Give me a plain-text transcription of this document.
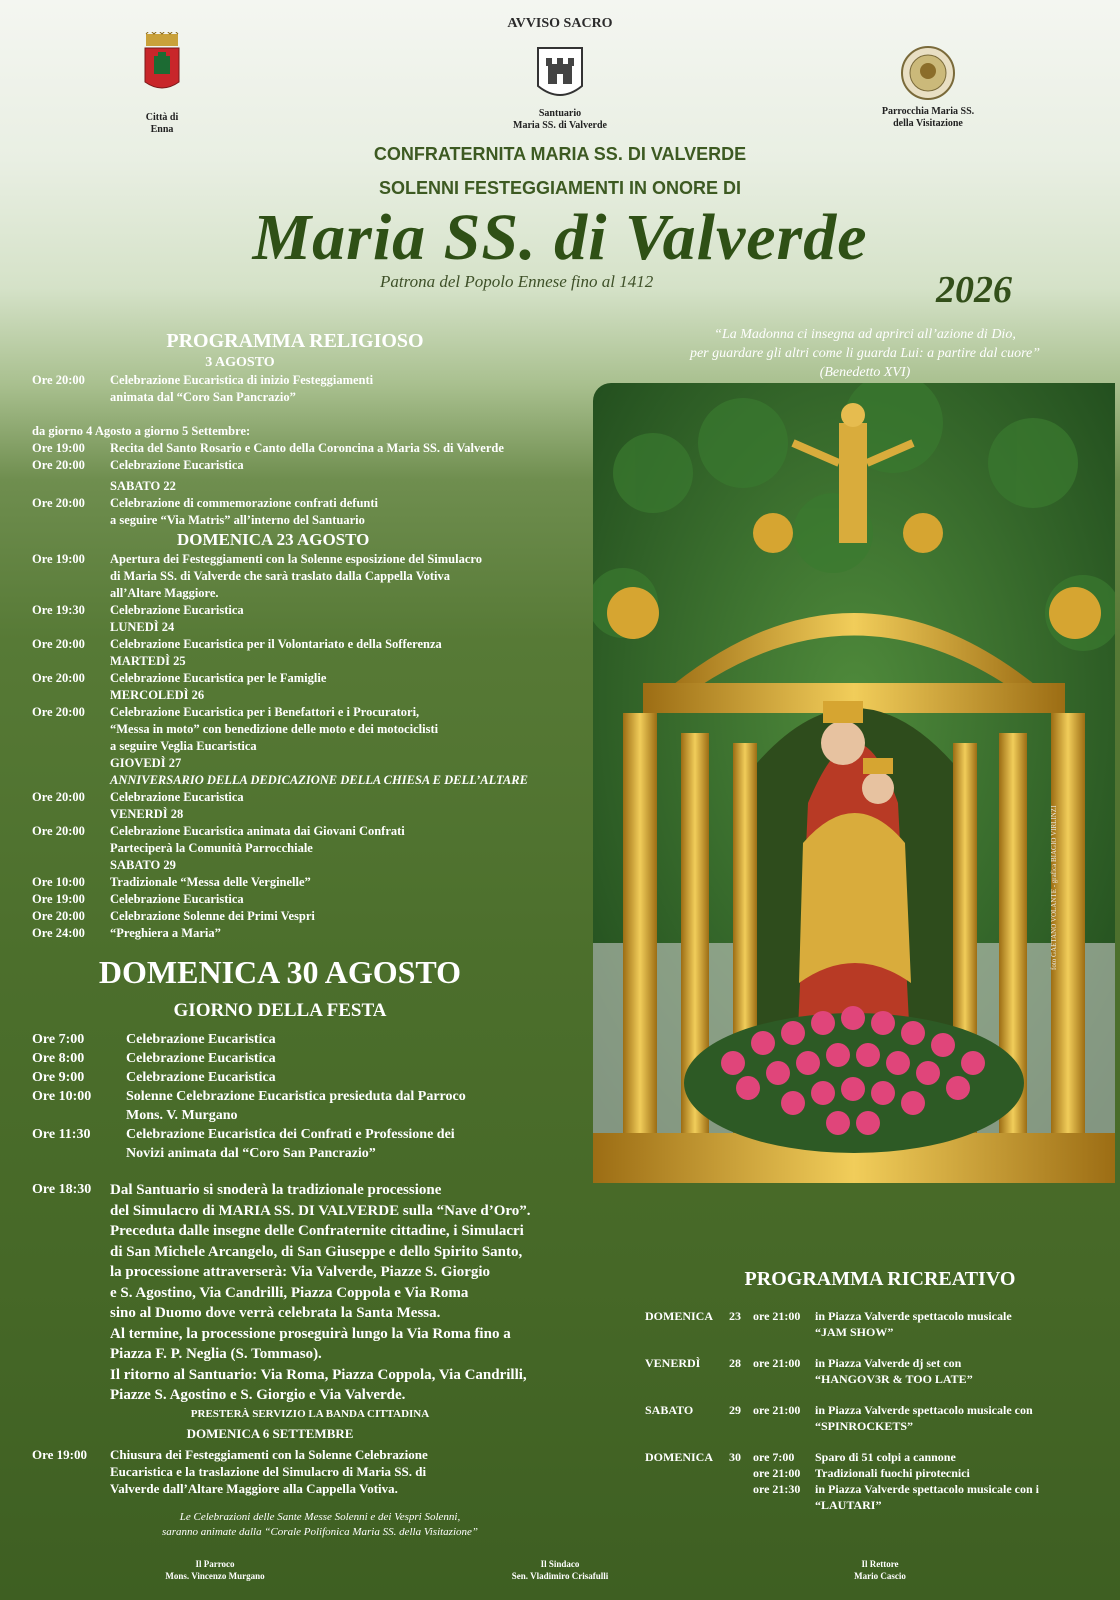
AVVISO SACRO
Città di
Enna
Santuario
Maria SS. di Valverde
Parrocchia Maria SS.
della Visitazione
CONFRATERNITA MARIA SS. DI VALVERDE
SOLENNI FESTEGGIAMENTI IN ONORE DI
Maria SS. di Valverde
Patrona del Popolo Ennese fino al 1412	2026
“La Madonna ci insegna ad aprirci all’azione di Dio,
per guardare gli altri come li guarda Lui: a partire dal cuore”
(Benedetto XVI)
foto GAETANO VOLANTE - grafica BIAGIO VIRLINZI
PROGRAMMA RELIGIOSO
3 AGOSTO
Ore 20:00	Celebrazione Eucaristica di inizio Festeggiamenti
animata dal “Coro San Pancrazio”
da giorno 4 Agosto a giorno 5 Settembre:
Ore 19:00	Recita del Santo Rosario e Canto della Coroncina a Maria SS. di Valverde
Ore 20:00	Celebrazione Eucaristica
SABATO 22
Ore 20:00	Celebrazione di commemorazione confrati defunti
a seguire “Via Matris” all’interno del Santuario
DOMENICA 23 AGOSTO
Ore 19:00	Apertura dei Festeggiamenti con la Solenne esposizione del Simulacro
di Maria SS. di Valverde che sarà traslato dalla Cappella Votiva
all’Altare Maggiore.
Ore 19:30	Celebrazione Eucaristica
LUNEDÌ 24
Ore 20:00	Celebrazione Eucaristica per il Volontariato e della Sofferenza
MARTEDÌ 25
Ore 20:00	Celebrazione Eucaristica per le Famiglie
MERCOLEDÌ 26
Ore 20:00	Celebrazione Eucaristica per i Benefattori e i Procuratori,
“Messa in moto” con benedizione delle moto e dei motociclisti
a seguire Veglia Eucaristica
GIOVEDÌ 27
ANNIVERSARIO DELLA DEDICAZIONE DELLA CHIESA E DELL’ALTARE
Ore 20:00	Celebrazione Eucaristica
VENERDÌ 28
Ore 20:00	Celebrazione Eucaristica animata dai Giovani Confrati
Parteciperà la Comunità Parrocchiale
SABATO 29
Ore 10:00	Tradizionale “Messa delle Verginelle”
Ore 19:00	Celebrazione Eucaristica
Ore 20:00	Celebrazione Solenne dei Primi Vespri
Ore 24:00	“Preghiera a Maria”
DOMENICA 30 AGOSTO
GIORNO DELLA FESTA
Ore 7:00	Celebrazione Eucaristica
Ore 8:00	Celebrazione Eucaristica
Ore 9:00	Celebrazione Eucaristica
Ore 10:00	Solenne Celebrazione Eucaristica presieduta dal Parroco
Mons. V. Murgano
Ore 11:30	Celebrazione Eucaristica dei Confrati e Professione dei
Novizi animata dal “Coro San Pancrazio”
Ore 18:30	Dal Santuario si snoderà la tradizionale processione
del Simulacro di MARIA SS. DI VALVERDE sulla “Nave d’Oro”.
Preceduta dalle insegne delle Confraternite cittadine, i Simulacri
di San Michele Arcangelo, di San Giuseppe e dello Spirito Santo,
la processione attraverserà: Via Valverde, Piazze S. Giorgio
e S. Agostino, Via Candrilli, Piazza Coppola e Via Roma
sino al Duomo dove verrà celebrata la Santa Messa.
Al termine, la processione proseguirà lungo la Via Roma fino a
Piazza F. P. Neglia (S. Tommaso).
Il ritorno al Santuario: Via Roma, Piazza Coppola, Via Candrilli,
Piazze S. Agostino e S. Giorgio e Via Valverde.
PRESTERÀ SERVIZIO LA BANDA CITTADINA
DOMENICA 6 SETTEMBRE
Ore 19:00	Chiusura dei Festeggiamenti con la Solenne Celebrazione
Eucaristica e la traslazione del Simulacro di Maria SS. di
Valverde dall’Altare Maggiore alla Cappella Votiva.
Le Celebrazioni delle Sante Messe Solenni e dei Vespri Solenni,
saranno animate dalla “Corale Polifonica Maria SS. della Visitazione”
PROGRAMMA RICREATIVO
DOMENICA	23	ore 21:00	in Piazza Valverde spettacolo musicale
“JAM SHOW”
VENERDÌ	28	ore 21:00	in Piazza Valverde dj set con
“HANGOV3R & TOO LATE”
SABATO	29	ore 21:00	in Piazza Valverde spettacolo musicale con
“SPINROCKETS”
DOMENICA	30	ore 7:00	Sparo di 51 colpi a cannone
ore 21:00	Tradizionali fuochi pirotecnici
ore 21:30	in Piazza Valverde spettacolo musicale con i
“LAUTARI”
Il Parroco
Mons. Vincenzo Murgano
Il Sindaco
Sen. Vladimiro Crisafulli
Il Rettore
Mario Cascio
